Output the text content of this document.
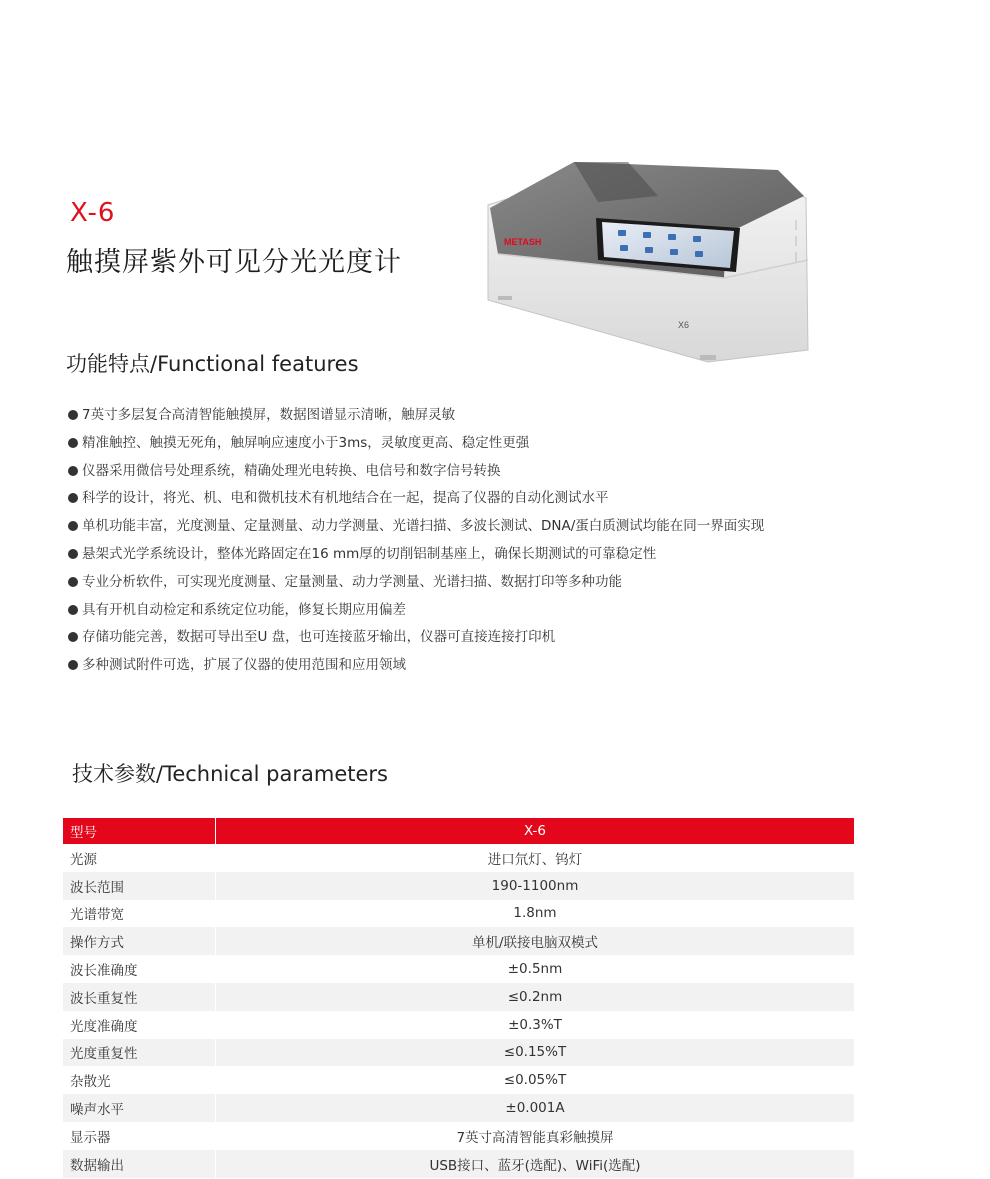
X-6
触摸屏紫外可见分光光度计
METASH
X6
功能特点/Functional features
7英寸多层复合高清智能触摸屏，数据图谱显示清晰，触屏灵敏
精准触控、触摸无死角，触屏响应速度小于3ms，灵敏度更高、稳定性更强
仪器采用微信号处理系统，精确处理光电转换、电信号和数字信号转换
科学的设计，将光、机、电和微机技术有机地结合在一起，提高了仪器的自动化测试水平
单机功能丰富，光度测量、定量测量、动力学测量、光谱扫描、多波长测试、DNA/蛋白质测试均能在同一界面实现
悬架式光学系统设计，整体光路固定在16 mm厚的切削铝制基座上，确保长期测试的可靠稳定性
专业分析软件，可实现光度测量、定量测量、动力学测量、光谱扫描、数据打印等多种功能
具有开机自动检定和系统定位功能，修复长期应用偏差
存储功能完善，数据可导出至U 盘，也可连接蓝牙输出，仪器可直接连接打印机
多种测试附件可选，扩展了仪器的使用范围和应用领域
技术参数/Technical parameters
型号	X-6
光源	进口氘灯、钨灯
波长范围	190-1100nm
光谱带宽	1.8nm
操作方式	单机/联接电脑双模式
波长准确度	±0.5nm
波长重复性	≤0.2nm
光度准确度	±0.3%T
光度重复性	≤0.15%T
杂散光	≤0.05%T
噪声水平	±0.001A
显示器	7英寸高清智能真彩触摸屏
数据输出	USB接口、蓝牙(选配)、WiFi(选配)
